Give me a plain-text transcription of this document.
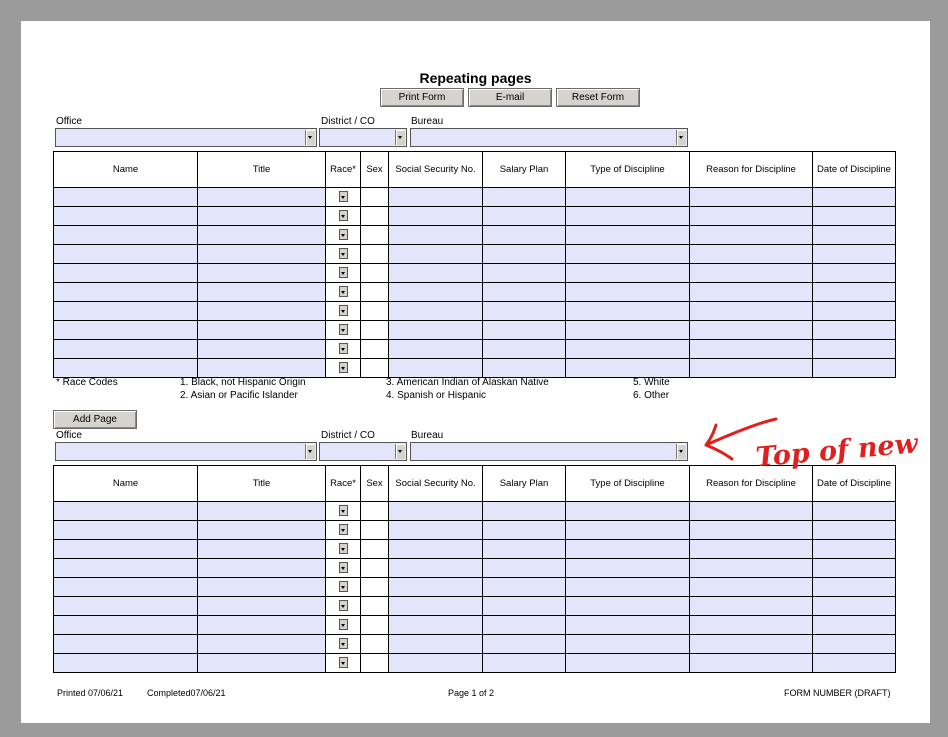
Repeating pages
Print Form	E-mail	Reset Form
Office	District / CO	Bureau
Name	Title	Race*	Sex	Social Security No.	Salary Plan	Type of Discipline	Reason for Discipline	Date of Discipline

* Race Codes	1. Black, not Hispanic Origin
2. Asian or Pacific Islander
3. American Indian of Alaskan Native
4. Spanish or Hispanic
5. White
6. Other
Add Page
Office	District / CO	Bureau
Name	Title	Race*	Sex	Social Security No.	Salary Plan	Type of Discipline	Reason for Discipline	Date of Discipline

Printed 07/06/21	Completed07/06/21	Page 1 of 2	FORM NUMBER (DRAFT)
Top of new
